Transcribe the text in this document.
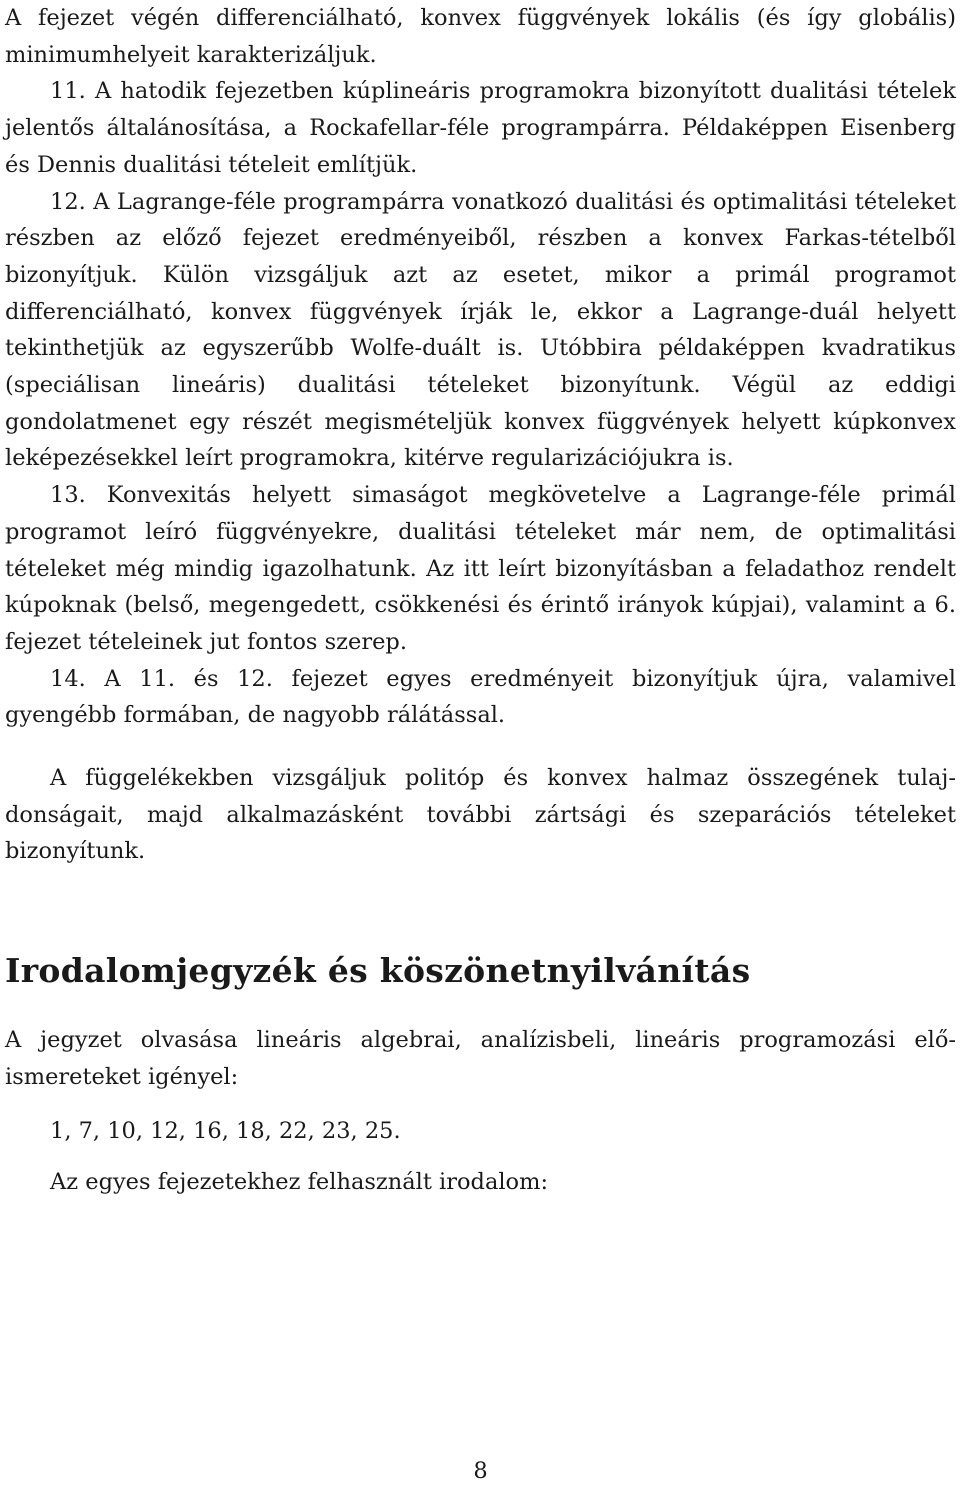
A fejezet végén differenciálható, konvex függvények lokális (és így globális) minimumhelyeit karakterizáljuk.

11. A hatodik fejezetben kúplineáris programokra bizonyított dualitási tételek jelentős általánosítása, a Rockafellar-féle programpárra. Példaképpen Eisenberg és Dennis dualitási tételeit említjük.

12. A Lagrange-féle programpárra vonatkozó dualitási és optimalitási tételeket részben az előző fejezet eredményeiből, részben a konvex Farkas-tételből bizonyítjuk. Külön vizsgáljuk azt az esetet, mikor a primál programot differenciálható, konvex függvények írják le, ekkor a Lagrange-duál helyett tekinthetjük az egyszerűbb Wolfe-duált is. Utóbbira példaképpen kvadratikus (speciálisan lineáris) dualitási tételeket bizonyítunk. Végül az eddigi gondolatmenet egy részét megismételjük konvex függvények helyett kúpkonvex leképezésekkel leírt programokra, kitérve regularizációjukra is.

13. Konvexitás helyett simaságot megkövetelve a Lagrange-féle primál programot leíró függvényekre, dualitási tételeket már nem, de optimalitási tételeket még mindig igazolhatunk. Az itt leírt bizonyításban a feladathoz rendelt kúpoknak (belső, megengedett, csökkenési és érintő irányok kúpjai), valamint a 6. fejezet tételeinek jut fontos szerep.

14. A 11. és 12. fejezet egyes eredményeit bizonyítjuk újra, valamivel gyengébb formában, de nagyobb rálátással.

A függelékekben vizsgáljuk politóp és konvex halmaz összegének tulajdonságait, majd alkalmazásként további zártsági és szeparációs tételeket bizonyítunk.

Irodalomjegyzék és köszönetnyilvánítás

A jegyzet olvasása lineáris algebrai, analízisbeli, lineáris programozási előismereteket igényel:

1, 7, 10, 12, 16, 18, 22, 23, 25.

Az egyes fejezetekhez felhasznált irodalom:

8
